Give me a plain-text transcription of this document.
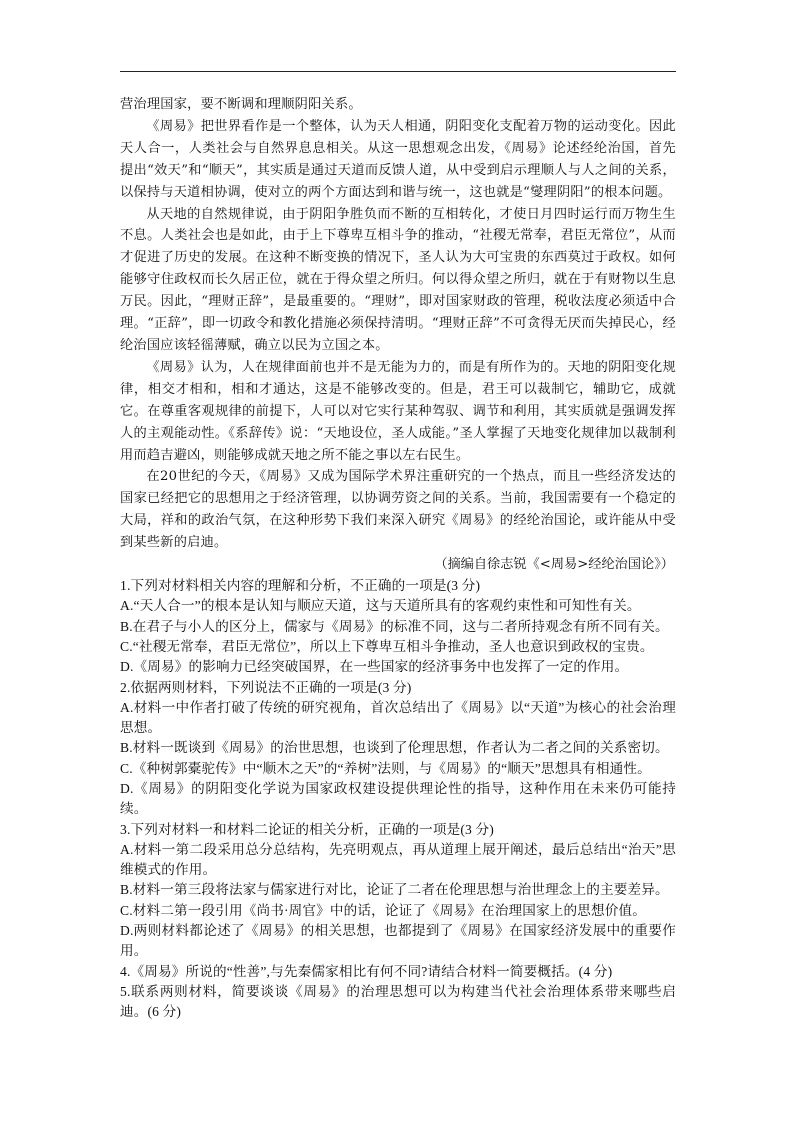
营治理国家，要不断调和理顺阴阳关系。

《周易》把世界看作是一个整体，认为天人相通，阴阳变化支配着万物的运动变化。因此天人合一，人类社会与自然界息息相关。从这一思想观念出发，《周易》论述经纶治国，首先提出“效天”和“顺天”，其实质是通过天道而反馈人道，从中受到启示理顺人与人之间的关系，以保持与天道相协调，使对立的两个方面达到和谐与统一，这也就是“燮理阴阳”的根本问题。

从天地的自然规律说，由于阴阳争胜负而不断的互相转化，才使日月四时运行而万物生生不息。人类社会也是如此，由于上下尊卑互相斗争的推动，“社稷无常奉，君臣无常位”，从而才促进了历史的发展。在这种不断变换的情况下，圣人认为大可宝贵的东西莫过于政权。如何能够守住政权而长久居正位，就在于得众望之所归。何以得众望之所归，就在于有财物以生息万民。因此，“理财正辞”，是最重要的。“理财”，即对国家财政的管理，税收法度必须适中合理。“正辞”，即一切政令和教化措施必须保持清明。“理财正辞”不可贪得无厌而失掉民心，经纶治国应该轻徭薄赋，确立以民为立国之本。

《周易》认为，人在规律面前也并不是无能为力的，而是有所作为的。天地的阴阳变化规律，相交才相和，相和才通达，这是不能够改变的。但是，君王可以裁制它，辅助它，成就它。在尊重客观规律的前提下，人可以对它实行某种驾驭、调节和利用，其实质就是强调发挥人的主观能动性。《系辞传》说：“天地设位，圣人成能。”圣人掌握了天地变化规律加以裁制利用而趋吉避凶，则能够成就天地之所不能之事以左右民生。

在20世纪的今天，《周易》又成为国际学术界注重研究的一个热点，而且一些经济发达的国家已经把它的思想用之于经济管理，以协调劳资之间的关系。当前，我国需要有一个稳定的大局，祥和的政治气氛，在这种形势下我们来深入研究《周易》的经纶治国论，或许能从中受到某些新的启迪。

（摘编自徐志锐《<周易>经纶治国论》）

1.下列对材料相关内容的理解和分析，不正确的一项是(3 分)

A.“天人合一”的根本是认知与顺应天道，这与天道所具有的客观约束性和可知性有关。

B.在君子与小人的区分上，儒家与《周易》的标准不同，这与二者所持观念有所不同有关。

C.“社稷无常奉，君臣无常位”，所以上下尊卑互相斗争推动，圣人也意识到政权的宝贵。

D.《周易》的影响力已经突破国界，在一些国家的经济事务中也发挥了一定的作用。

2.依据两则材料，下列说法不正确的一项是(3 分)

A.材料一中作者打破了传统的研究视角，首次总结出了《周易》以“天道”为核心的社会治理思想。

B.材料一既谈到《周易》的治世思想，也谈到了伦理思想，作者认为二者之间的关系密切。

C.《种树郭橐驼传》中“顺木之天”的“养树”法则，与《周易》的“顺天”思想具有相通性。

D.《周易》的阴阳变化学说为国家政权建设提供理论性的指导，这种作用在未来仍可能持续。

3.下列对材料一和材料二论证的相关分析，正确的一项是(3 分)

A.材料一第二段采用总分总结构，先亮明观点，再从道理上展开阐述，最后总结出“治天”思维模式的作用。

B.材料一第三段将法家与儒家进行对比，论证了二者在伦理思想与治世理念上的主要差异。

C.材料二第一段引用《尚书·周官》中的话，论证了《周易》在治理国家上的思想价值。

D.两则材料都论述了《周易》的相关思想，也都提到了《周易》在国家经济发展中的重要作用。

4.《周易》所说的“性善”,与先秦儒家相比有何不同?请结合材料一简要概括。(4 分)

5.联系两则材料，简要谈谈《周易》的治理思想可以为构建当代社会治理体系带来哪些启迪。(6 分)
